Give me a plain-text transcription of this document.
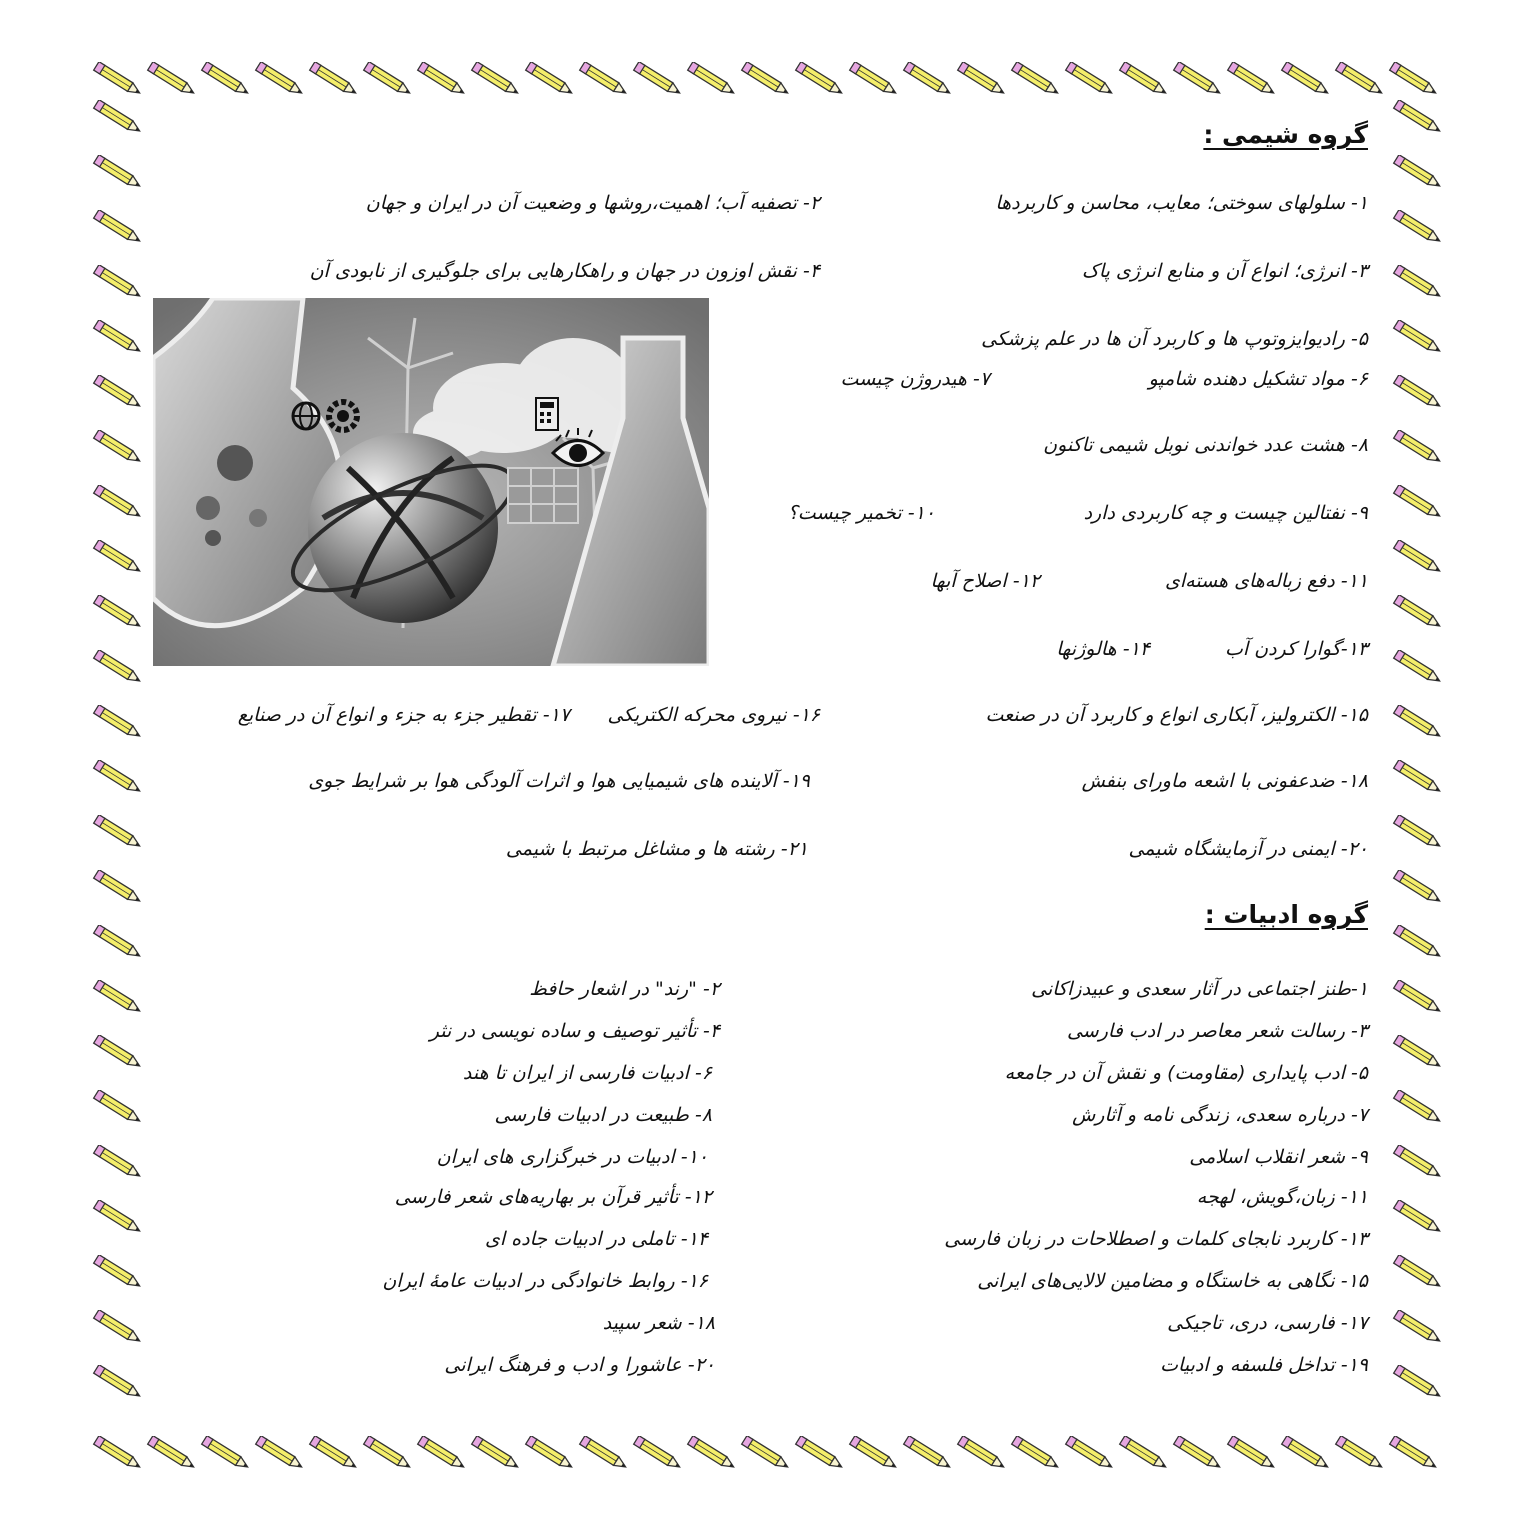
گروه شیمی :
۱- سلولهای سوختی؛ معایب، محاسن و کاربردها
۲- تصفیه آب؛ اهمیت،روشها و وضعیت آن در ایران و جهان
۳- انرژی؛ انواع آن و منابع انرژی پاک
۴- نقش اوزون در جهان و راهکارهایی برای جلوگیری از نابودی آن
۵- رادیوایزوتوپ ها و کاربرد آن ها در علم پزشکی
۶- مواد تشکیل دهنده شامپو
۷- هیدروژن چیست
۸- هشت عدد خواندنی نوبل شیمی تاکنون
۹- نفتالین چیست و چه کاربردی دارد
۱۰- تخمیر چیست؟
۱۱- دفع زباله‌های هسته‌ای
۱۲- اصلاح آبها
۱۳-گوارا کردن آب
۱۴- هالوژنها
۱۵- الکترولیز، آبکاری انواع و کاربرد آن در صنعت
۱۶- نیروی محرکه الکتریکی
۱۷- تقطیر جزء به جزء و انواع آن در صنایع
۱۸- ضدعفونی با اشعه ماورای بنفش
۱۹- آلاینده های شیمیایی هوا و اثرات آلودگی هوا بر شرایط جوی
۲۰- ایمنی در آزمایشگاه شیمی
۲۱- رشته ها و مشاغل مرتبط با شیمی
گروه ادبیات :
۱-طنز اجتماعی در آثار سعدی و عبیدزاکانی
۲- "رند" در اشعار حافظ
۳- رسالت شعر معاصر در ادب فارسی
۴- تأثیر توصیف و ساده نویسی در نثر
۵- ادب پایداری (مقاومت) و نقش آن در جامعه
۶- ادبیات فارسی از ایران تا هند
۷- درباره سعدی، زندگی نامه و آثارش
۸- طبیعت در ادبیات فارسی
۹- شعر انقلاب اسلامی
۱۰- ادبیات در خبرگزاری های ایران
۱۱- زبان،گویش، لهجه
۱۲- تأثیر قرآن بر بهاریه‌های شعر فارسی
۱۳- کاربرد نابجای کلمات و اصطلاحات در زبان فارسی
۱۴- تاملی در ادبیات جاده ای
۱۵- نگاهی به خاستگاه و مضامین لالایی‌های ایرانی
۱۶- روابط خانوادگی در ادبیات عامهٔ ایران
۱۷- فارسی، دری، تاجیکی
۱۸- شعر سپید
۱۹- تداخل فلسفه و ادبیات
۲۰- عاشورا و ادب و فرهنگ ایرانی
